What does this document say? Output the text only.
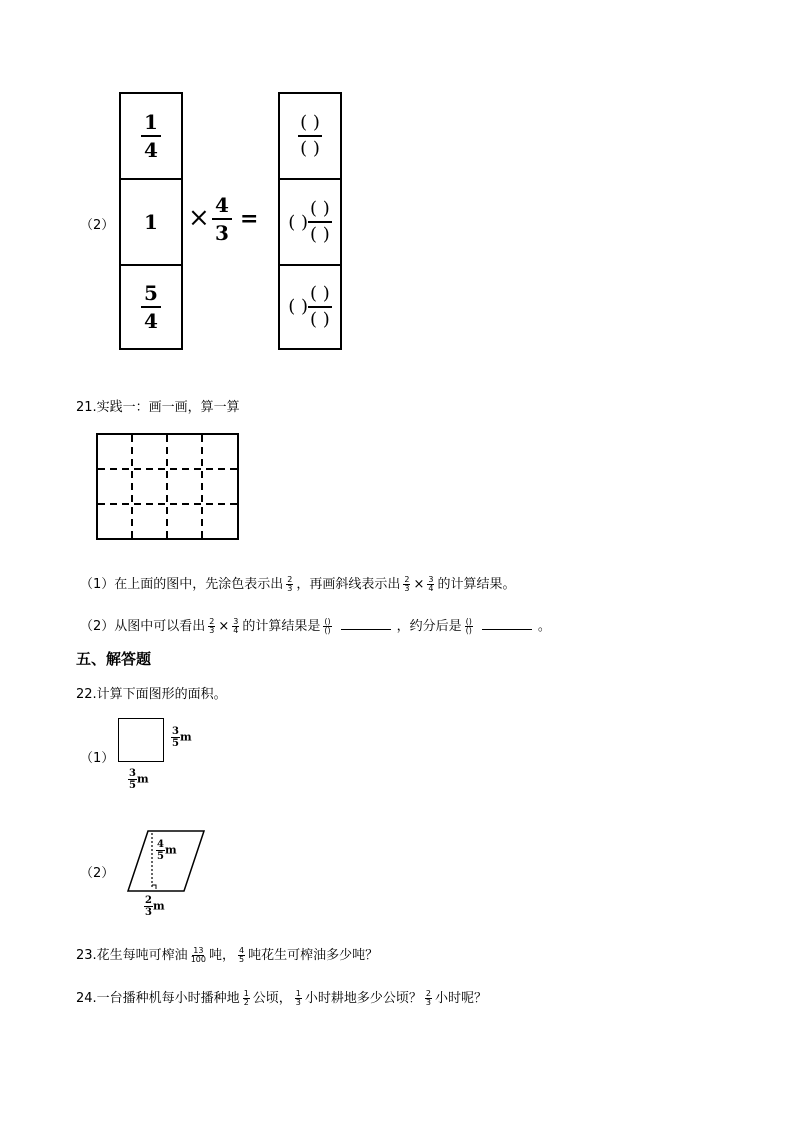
（2）
$\frac{1}{4}$
1
$\frac{5}{4}$
× $\frac{4}{3}$ =
( )
( )
( )
( )
( )
( )
( )
( )
21.实践一：画一画，算一算
（1）在上面的图中，先涂色表示出 $\frac{2}{3}$ ，再画斜线表示出 $\frac{2}{3} \times \frac{3}{4}$ 的计算结果。
（2）从图中可以看出 $\frac{2}{3} \times \frac{3}{4}$ 的计算结果是 $\frac{()}{()}$	，约分后是 $\frac{()}{()}$	。
五、解答题
22.计算下面图形的面积。
（1）
$\frac{3}{5}$ m
$\frac{3}{5}$ m
（2）
$\frac{4}{5}$ m
$\frac{2}{3}$ m
23.花生每吨可榨油 $\frac{13}{100}$ 吨， $\frac{4}{5}$ 吨花生可榨油多少吨？
24.一台播种机每小时播种地 $\frac{1}{2}$ 公顷， $\frac{1}{3}$ 小时耕地多少公顷？ $\frac{2}{3}$ 小时呢？
